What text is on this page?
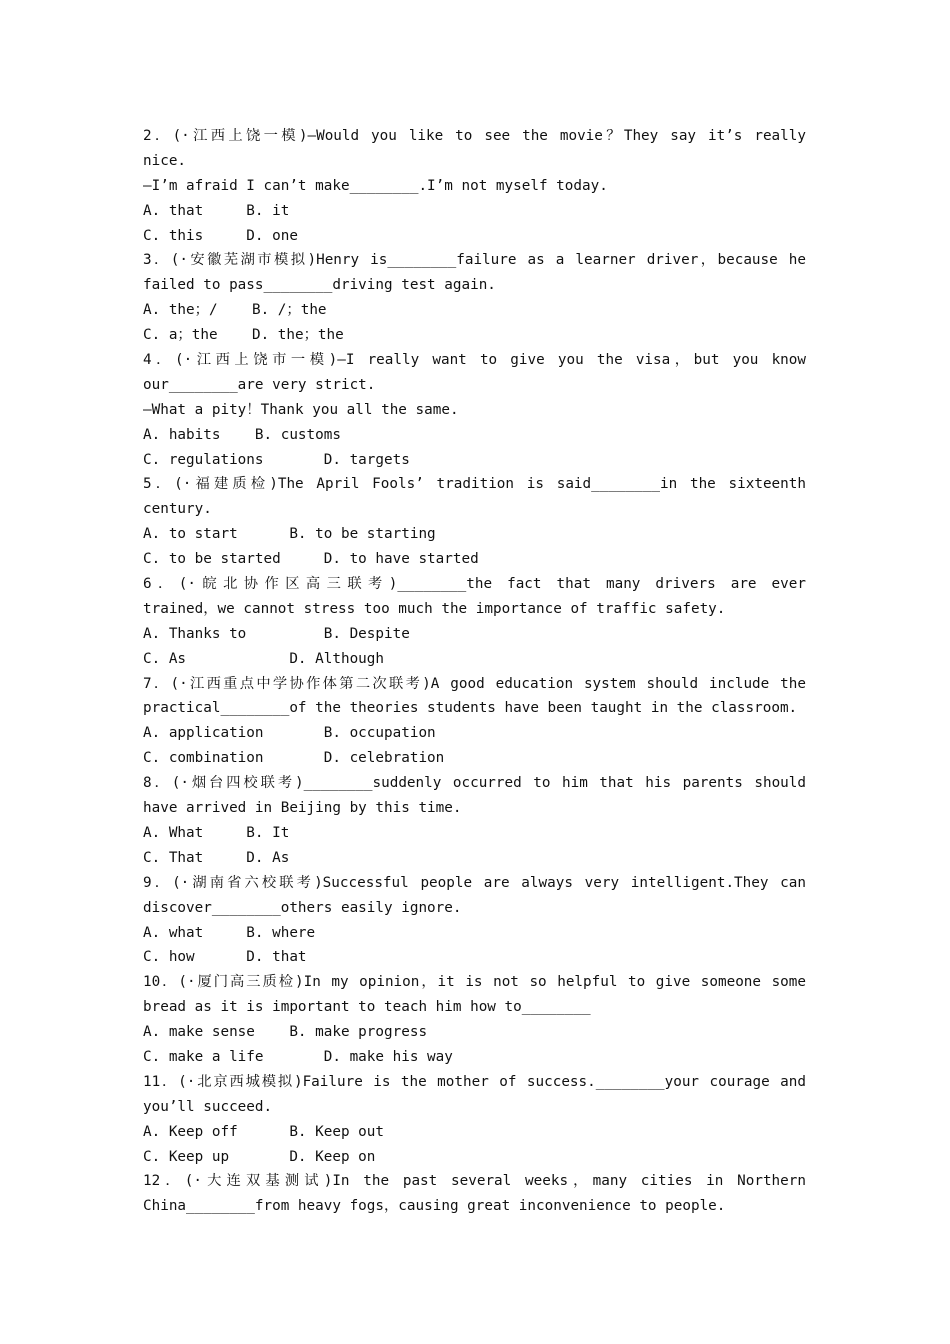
2．(·江西上饶一模)—Would you like to see the movie？They say it’s really
nice.
—I’m afraid I can’t make________.I’m not myself today.
A. that     B. it
C. this     D. one
3．(·安徽芜湖市模拟)Henry is________failure as a learner driver，because he
failed to pass________driving test again.
A. the；/    B. /；the
C. a；the    D. the；the
4．(·江西上饶市一模)—I really want to give you the visa，but you know
our________are very strict.
—What a pity！Thank you all the same.
A. habits    B. customs
C. regulations       D. targets
5．(·福建质检)The April Fools’ tradition is said________in the sixteenth
century.
A. to start      B. to be starting
C. to be started     D. to have started
6．(·皖北协作区高三联考)________the fact that many drivers are ever
trained，we cannot stress too much the importance of traffic safety.
A. Thanks to         B. Despite
C. As            D. Although
7．(·江西重点中学协作体第二次联考)A good education system should include the
practical________of the theories students have been taught in the classroom.
A. application       B. occupation
C. combination       D. celebration
8．(·烟台四校联考)________suddenly occurred to him that his parents should
have arrived in Beijing by this time.
A. What     B. It
C. That     D. As
9．(·湖南省六校联考)Successful people are always very intelligent.They can
discover________others easily ignore.
A. what     B. where
C. how      D. that
10．(·厦门高三质检)In my opinion，it is not so helpful to give someone some
bread as it is important to teach him how to________
A. make sense    B. make progress
C. make a life       D. make his way
11．(·北京西城模拟)Failure is the mother of success.________your courage and
you’ll succeed.
A. Keep off      B. Keep out
C. Keep up       D. Keep on
12．(·大连双基测试)In the past several weeks，many cities in Northern
China________from heavy fogs，causing great inconvenience to people.
